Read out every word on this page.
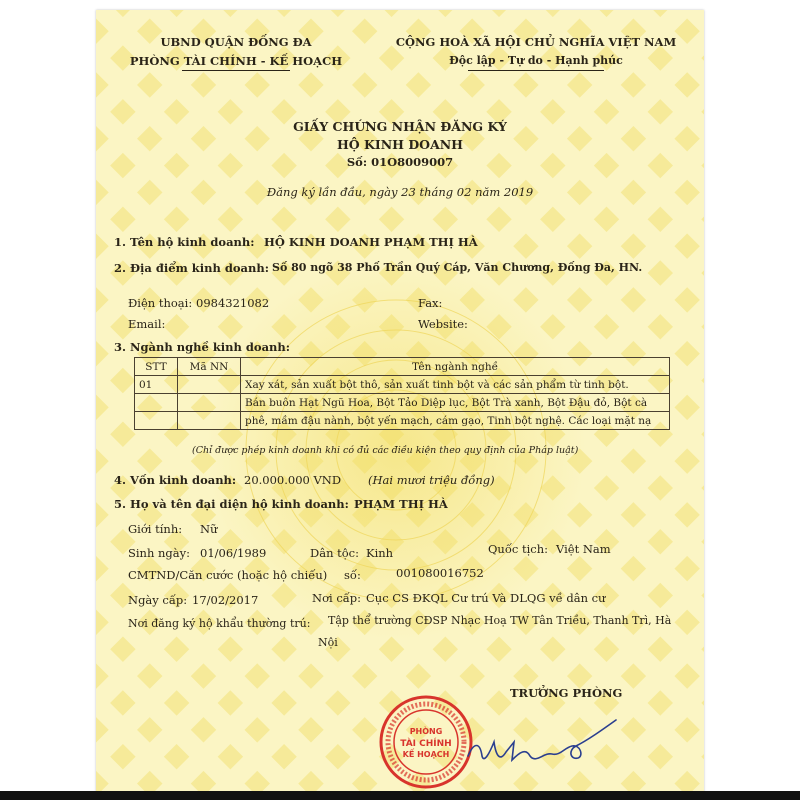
UBND QUẬN ĐỐNG ĐA
PHÒNG TÀI CHÍNH - KẾ HOẠCH
CỘNG HOÀ XÃ HỘI CHỦ NGHĨA VIỆT NAM
Độc lập - Tự do - Hạnh phúc
GIẤY CHỨNG NHẬN ĐĂNG KÝ
HỘ KINH DOANH
Số: 01O8009007
Đăng ký lần đầu, ngày 23 tháng 02 năm 2019
1. Tên hộ kinh doanh: HỘ KINH DOANH PHẠM THỊ HÀ
2. Địa điểm kinh doanh: Số 80 ngõ 38 Phố Trần Quý Cáp, Văn Chương, Đống Đa, HN.
Điện thoại: 0984321082	Fax:
Email:	Website:
3. Ngành nghề kinh doanh:
STT	Mã NN	Tên ngành nghề
01		Xay xát, sản xuất bột thô, sản xuất tinh bột và các sản phẩm từ tinh bột.
		Bán buôn Hạt Ngũ Hoa, Bột Tảo Diệp lục, Bột Trà xanh, Bột Đậu đỏ, Bột cà
		phê, mầm đậu nành, bột yến mạch, cám gạo, Tinh bột nghệ. Các loại mặt nạ
(Chỉ được phép kinh doanh khi có đủ các điều kiện theo quy định của Pháp luật)
4. Vốn kinh doanh: 20.000.000 VND (Hai mươi triệu đồng)
5. Họ và tên đại diện hộ kinh doanh: PHẠM THỊ HÀ
Giới tính: Nữ
Sinh ngày: 01/06/1989	Dân tộc: Kinh	Quốc tịch: Việt Nam
CMTND/Căn cước (hoặc hộ chiếu) số:	001080016752
Ngày cấp: 17/02/2017	Nơi cấp: Cục CS ĐKQL Cư trú Và DLQG về dân cư
Nơi đăng ký hộ khẩu thường trú: Tập thể trường CĐSP Nhạc Hoạ TW Tân Triều, Thanh Trì, Hà
Nội
TRƯỞNG PHÒNG
PHÒNG
TÀI CHÍNH
KẾ HOẠCH
